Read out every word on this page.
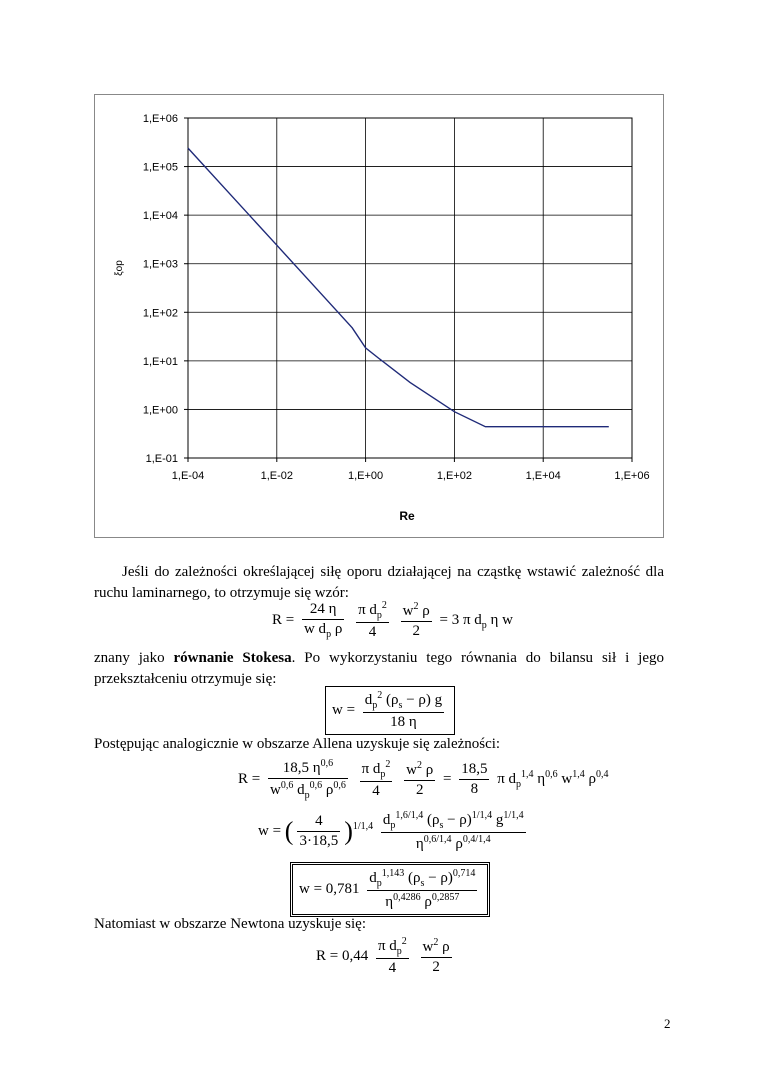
1,E-01
1,E+00
1,E+01
1,E+02
1,E+03
1,E+04
1,E+05
1,E+06
1,E-04	1,E-02	1,E+00	1,E+02	1,E+04	1,E+06
Re
ξop
Jeśli do zależności określającej siłę oporu działającej na cząstkę wstawić zależność dla ruchu laminarnego, to otrzymuje się wzór:
$R = \frac{24 \eta}{w d_p \rho}$
$\frac{\pi d_p^2}{4}$
$\frac{w^2 \rho}{2} = 3$ π $d_p$ η w
znany jako równanie Stokesa. Po wykorzystaniu tego równania do bilansu sił i jego przekształceniu otrzymuje się:
$w = \frac{d_p^2 (\rho_s - \rho) g}{18 \eta}$
Postępując analogicznie w obszarze Allena uzyskuje się zależności:
$R = \frac{18,5 \eta^{0,6}}{w^{0,6} d_p^{0,6} \rho^{0,6}}$
$\frac{\pi d_p^2}{4}$
$\frac{w^2 \rho}{2} = \frac{18,5}{8}$ π $d_p^{1,4}$ $\eta^{0,6}$ $w^{1,4}$ $\rho^{0,4}$
w = ( $\frac{4}{3\cdot 18,5} )^{1/1,4} \frac{d_p^{1,6/1,4} (\rho_s - \rho)^{1/1,4} g^{1/1,4}}{\eta^{0,6/1,4} \rho^{0,4/1,4}}$
$w = 0,781 \frac{d_p^{1,143} (\rho_s - \rho)^{0,714}}{\eta^{0,4286} \rho^{0,2857}}$
Natomiast w obszarze Newtona uzyskuje się:
$R = 0,44 \frac{\pi d_p^2}{4}$
$\frac{w^2 \rho}{2}$
2
